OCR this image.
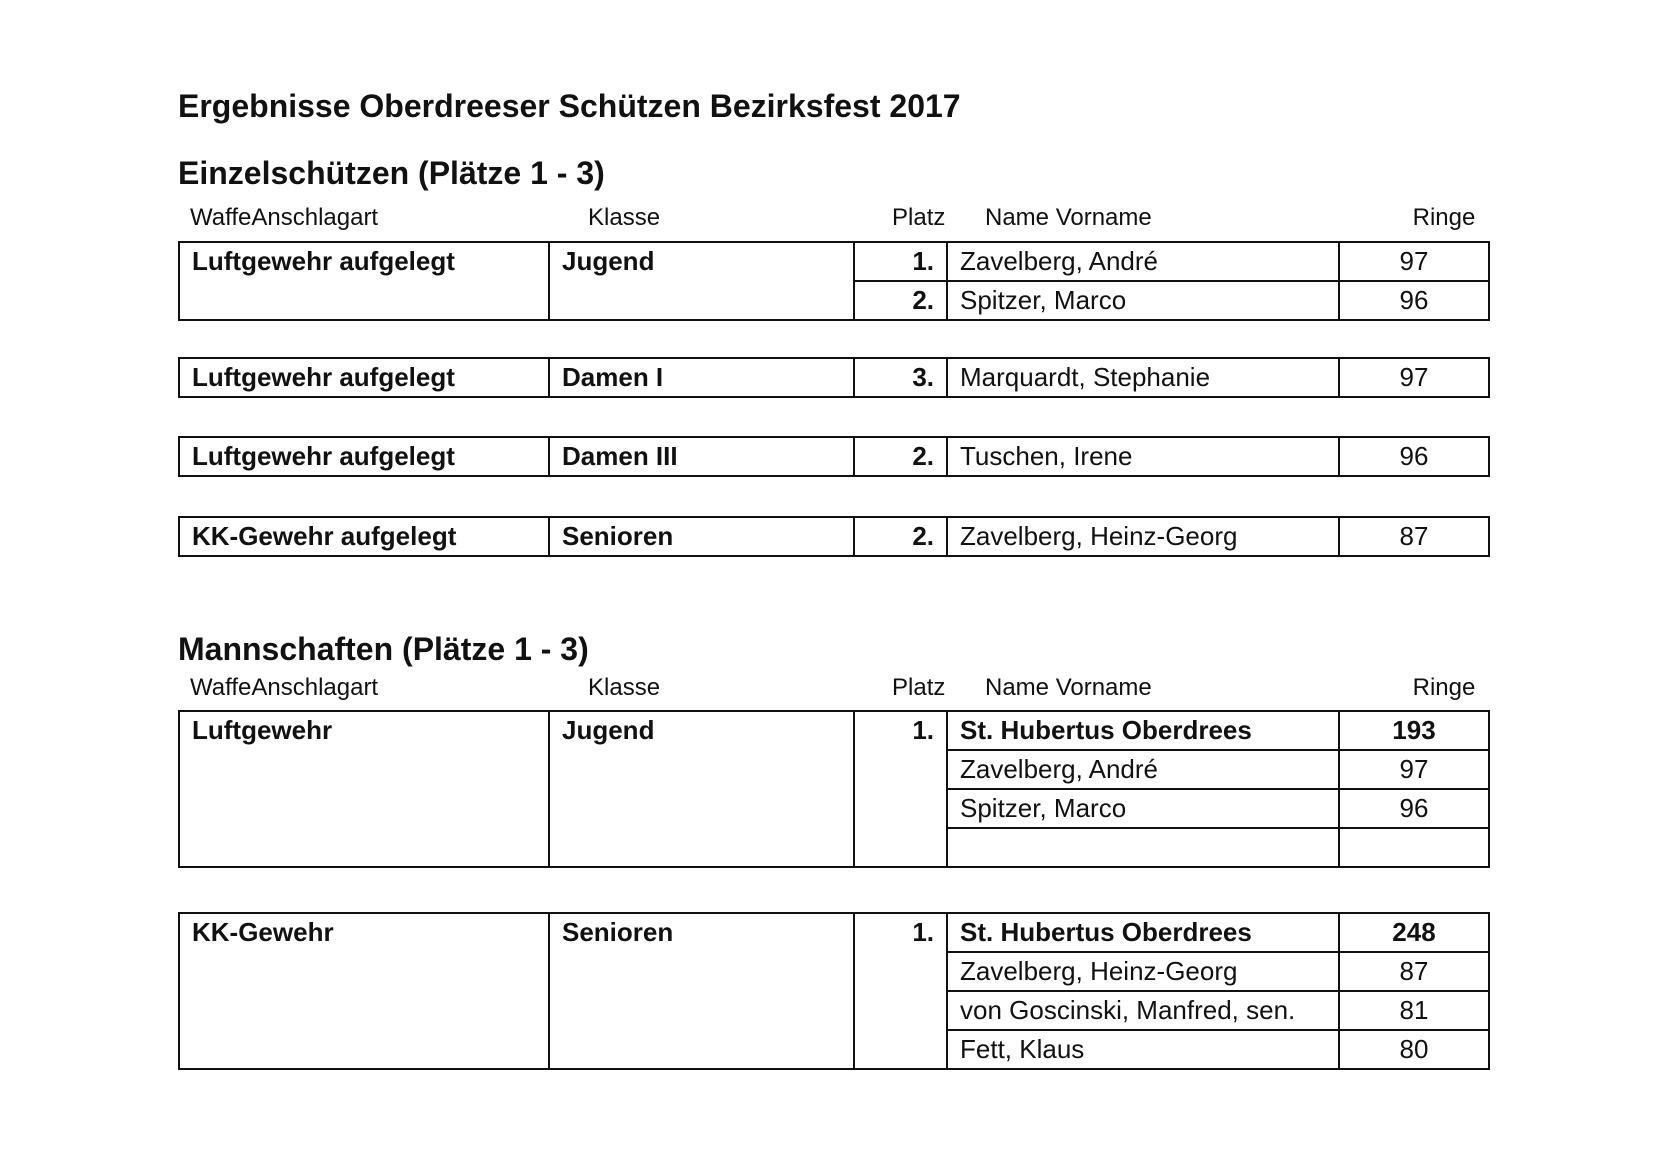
Ergebnisse Oberdreeser Schützen Bezirksfest 2017
Einzelschützen (Plätze 1 - 3)
WaffeAnschlagart	Klasse	Platz Name Vorname	Ringe
Luftgewehr aufgelegt	Jugend	1.	Zavelberg, André	97
		2.	Spitzer, Marco	96
Luftgewehr aufgelegt	Damen I	3.	Marquardt, Stephanie	97
Luftgewehr aufgelegt	Damen III	2.	Tuschen, Irene	96
KK-Gewehr aufgelegt	Senioren	2.	Zavelberg, Heinz-Georg	87
Mannschaften (Plätze 1 - 3)
WaffeAnschlagart	Klasse	Platz Name Vorname	Ringe
Luftgewehr	Jugend	1.	St. Hubertus Oberdrees	193
			Zavelberg, André	97
			Spitzer, Marco	96

KK-Gewehr	Senioren	1.	St. Hubertus Oberdrees	248
			Zavelberg, Heinz-Georg	87
			von Goscinski, Manfred, sen.	81
			Fett, Klaus	80
